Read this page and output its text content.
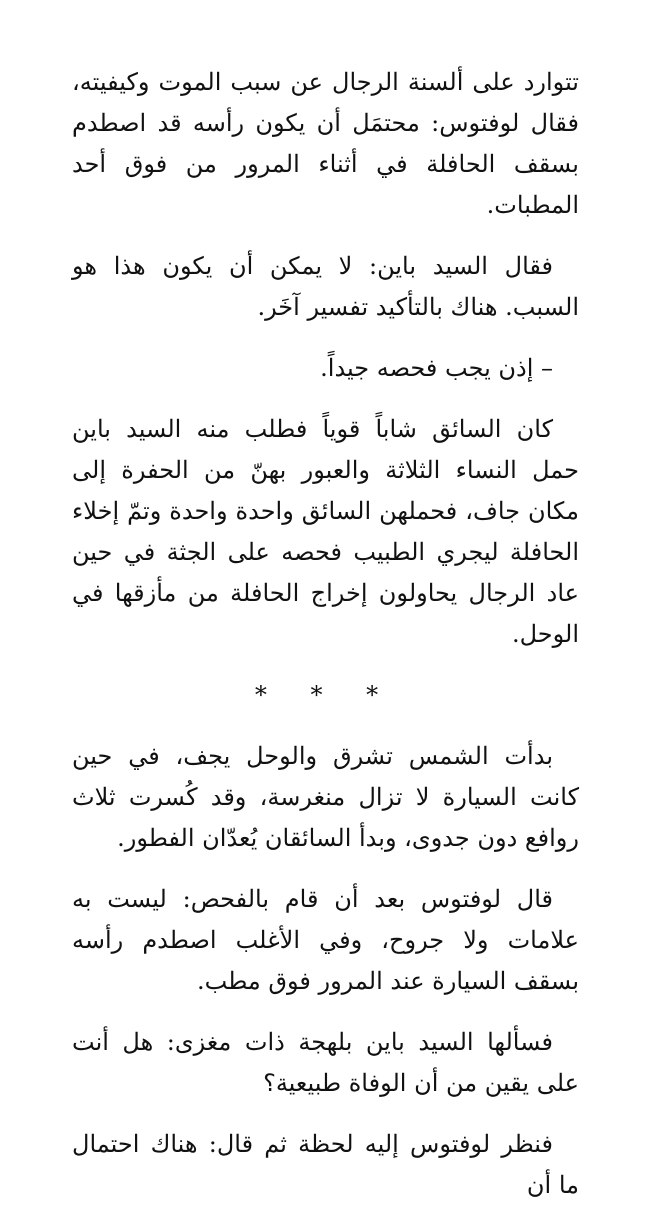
تتوارد على ألسنة الرجال عن سبب الموت وكيفيته، فقال لوفتوس: محتمَل أن يكون رأسه قد اصطدم بسقف الحافلة في أثناء المرور من فوق أحد المطبات.

فقال السيد باين: لا يمكن أن يكون هذا هو السبب. هناك بالتأكيد تفسير آخَر.

– إذن يجب فحصه جيداً.

كان السائق شاباً قوياً فطلب منه السيد باين حمل النساء الثلاثة والعبور بهنّ من الحفرة إلى مكان جاف، فحملهن السائق واحدة واحدة وتمّ إخلاء الحافلة ليجري الطبيب فحصه على الجثة في حين عاد الرجال يحاولون إخراج الحافلة من مأزقها في الوحل.

* * *

بدأت الشمس تشرق والوحل يجف، في حين كانت السيارة لا تزال منغرسة، وقد كُسرت ثلاث روافع دون جدوى، وبدأ السائقان يُعدّان الفطور.

قال لوفتوس بعد أن قام بالفحص: ليست به علامات ولا جروح، وفي الأغلب اصطدم رأسه بسقف السيارة عند المرور فوق مطب.

فسألها السيد باين بلهجة ذات مغزى: هل أنت على يقين من أن الوفاة طبيعية؟

فنظر لوفتوس إليه لحظة ثم قال: هناك احتمال ما أن
